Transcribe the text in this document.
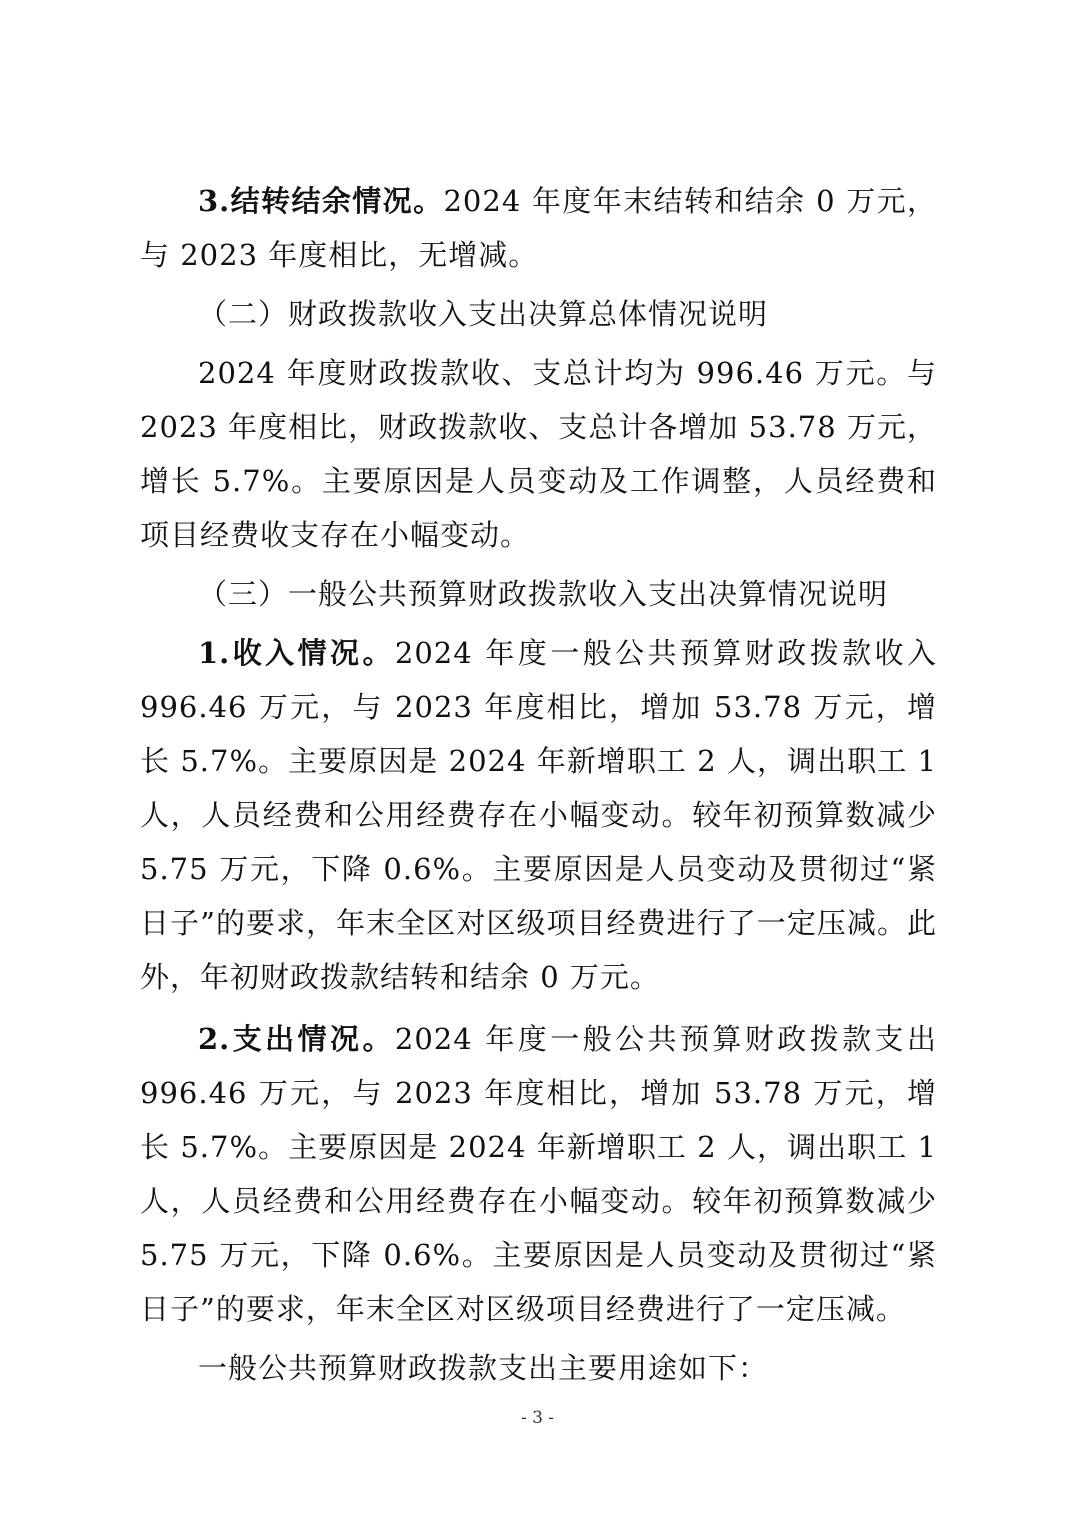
3.结转结余情况。2024 年度年末结转和结余 0 万元，与 2023 年度相比，无增减。

（二）财政拨款收入支出决算总体情况说明

2024 年度财政拨款收、支总计均为 996.46 万元。与 2023 年度相比，财政拨款收、支总计各增加 53.78 万元，增长 5.7%。主要原因是人员变动及工作调整，人员经费和项目经费收支存在小幅变动。

（三）一般公共预算财政拨款收入支出决算情况说明

1.收入情况。2024 年度一般公共预算财政拨款收入 996.46 万元，与 2023 年度相比，增加 53.78 万元，增长 5.7%。主要原因是 2024 年新增职工 2 人，调出职工 1 人，人员经费和公用经费存在小幅变动。较年初预算数减少 5.75 万元，下降 0.6%。主要原因是人员变动及贯彻过“紧日子”的要求，年末全区对区级项目经费进行了一定压减。此外，年初财政拨款结转和结余 0 万元。

2.支出情况。2024 年度一般公共预算财政拨款支出 996.46 万元，与 2023 年度相比，增加 53.78 万元，增长 5.7%。主要原因是 2024 年新增职工 2 人，调出职工 1 人，人员经费和公用经费存在小幅变动。较年初预算数减少 5.75 万元，下降 0.6%。主要原因是人员变动及贯彻过“紧日子”的要求，年末全区对区级项目经费进行了一定压减。

一般公共预算财政拨款支出主要用途如下：

- 3 -
